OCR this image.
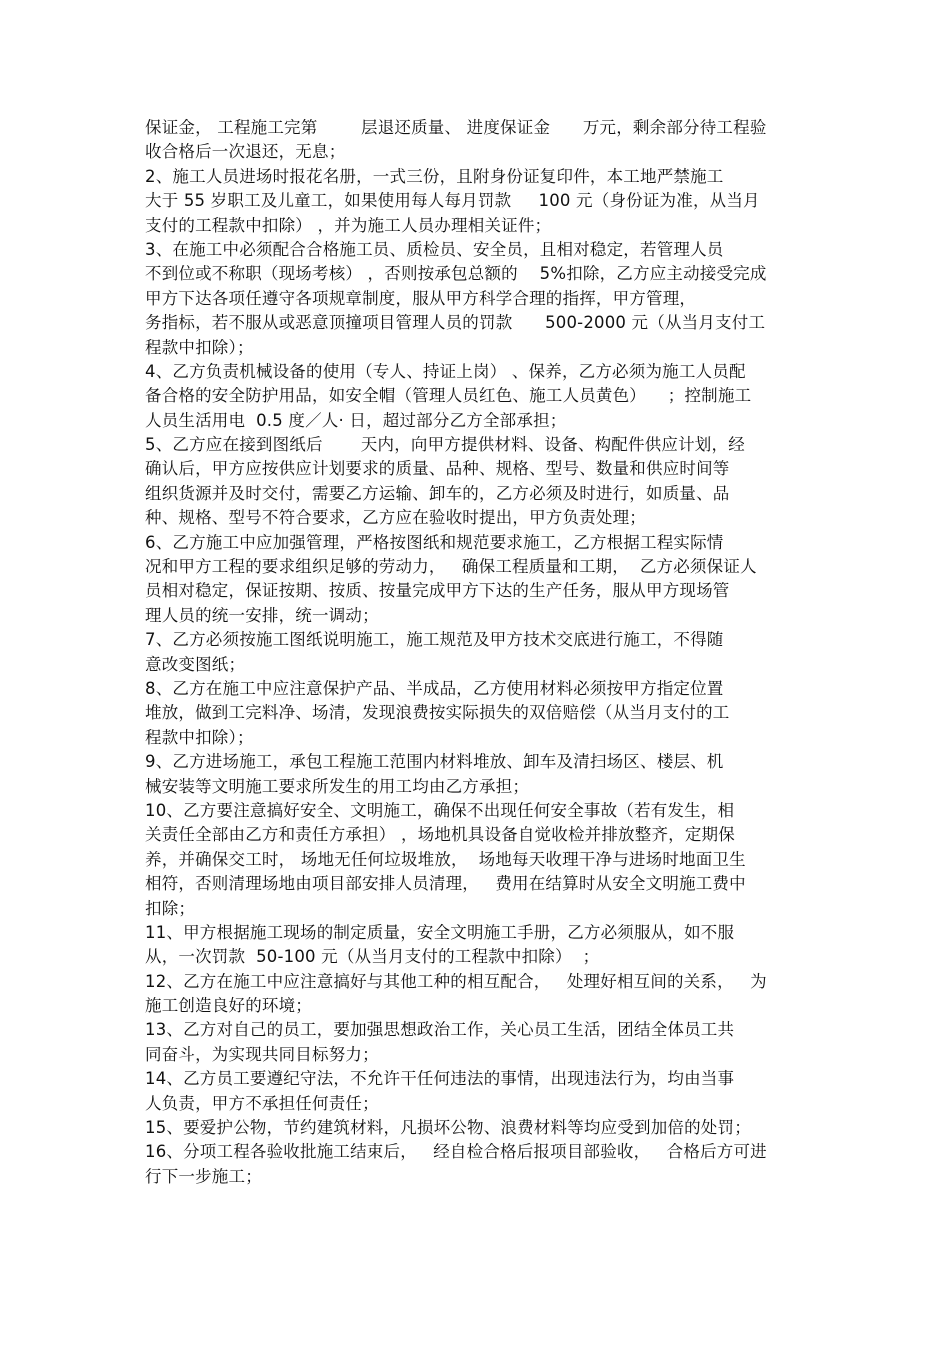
保证金， 工程施工完第        层退还质量、 进度保证金      万元，剩余部分待工程验
收合格后一次退还，无息；
2、施工人员进场时报花名册，一式三份，且附身份证复印件，本工地严禁施工
大于 55 岁职工及儿童工，如果使用每人每月罚款     100 元（身份证为准，从当月
支付的工程款中扣除） ，并为施工人员办理相关证件；
3、在施工中必须配合合格施工员、质检员、安全员，且相对稳定，若管理人员
不到位或不称职（现场考核） ，否则按承包总额的    5%扣除，乙方应主动接受完成
甲方下达各项任遵守各项规章制度，服从甲方科学合理的指挥，甲方管理，
务指标，若不服从或恶意顶撞项目管理人员的罚款      500-2000 元（从当月支付工
程款中扣除）；
4、乙方负责机械设备的使用（专人、持证上岗） 、保养，乙方必须为施工人员配
备合格的安全防护用品，如安全帽（管理人员红色、施工人员黄色）    ；控制施工
人员生活用电  0.5 度／人· 日，超过部分乙方全部承担；
5、乙方应在接到图纸后       天内，向甲方提供材料、设备、构配件供应计划，经
确认后，甲方应按供应计划要求的质量、品种、规格、型号、数量和供应时间等
组织货源并及时交付，需要乙方运输、卸车的，乙方必须及时进行，如质量、品
种、规格、型号不符合要求，乙方应在验收时提出，甲方负责处理；
6、乙方施工中应加强管理，严格按图纸和规范要求施工，乙方根据工程实际情
况和甲方工程的要求组织足够的劳动力，   确保工程质量和工期，  乙方必须保证人
员相对稳定，保证按期、按质、按量完成甲方下达的生产任务，服从甲方现场管
理人员的统一安排，统一调动；
7、乙方必须按施工图纸说明施工，施工规范及甲方技术交底进行施工，不得随
意改变图纸；
8、乙方在施工中应注意保护产品、半成品，乙方使用材料必须按甲方指定位置
堆放，做到工完料净、场清，发现浪费按实际损失的双倍赔偿（从当月支付的工
程款中扣除）；
9、乙方进场施工，承包工程施工范围内材料堆放、卸车及清扫场区、楼层、机
械安装等文明施工要求所发生的用工均由乙方承担；
10、乙方要注意搞好安全、文明施工，确保不出现任何安全事故（若有发生，相
关责任全部由乙方和责任方承担） ，场地机具设备自觉收检并排放整齐，定期保
养，并确保交工时， 场地无任何垃圾堆放，  场地每天收理干净与进场时地面卫生
相符，否则清理场地由项目部安排人员清理，   费用在结算时从安全文明施工费中
扣除；
11、甲方根据施工现场的制定质量，安全文明施工手册，乙方必须服从，如不服
从，一次罚款  50-100 元（从当月支付的工程款中扣除）  ；
12、乙方在施工中应注意搞好与其他工种的相互配合，   处理好相互间的关系，   为
施工创造良好的环境；
13、乙方对自己的员工，要加强思想政治工作，关心员工生活，团结全体员工共
同奋斗，为实现共同目标努力；
14、乙方员工要遵纪守法，不允许干任何违法的事情，出现违法行为，均由当事
人负责，甲方不承担任何责任；
15、要爱护公物，节约建筑材料，凡损坏公物、浪费材料等均应受到加倍的处罚；
16、分项工程各验收批施工结束后，   经自检合格后报项目部验收，   合格后方可进
行下一步施工；
